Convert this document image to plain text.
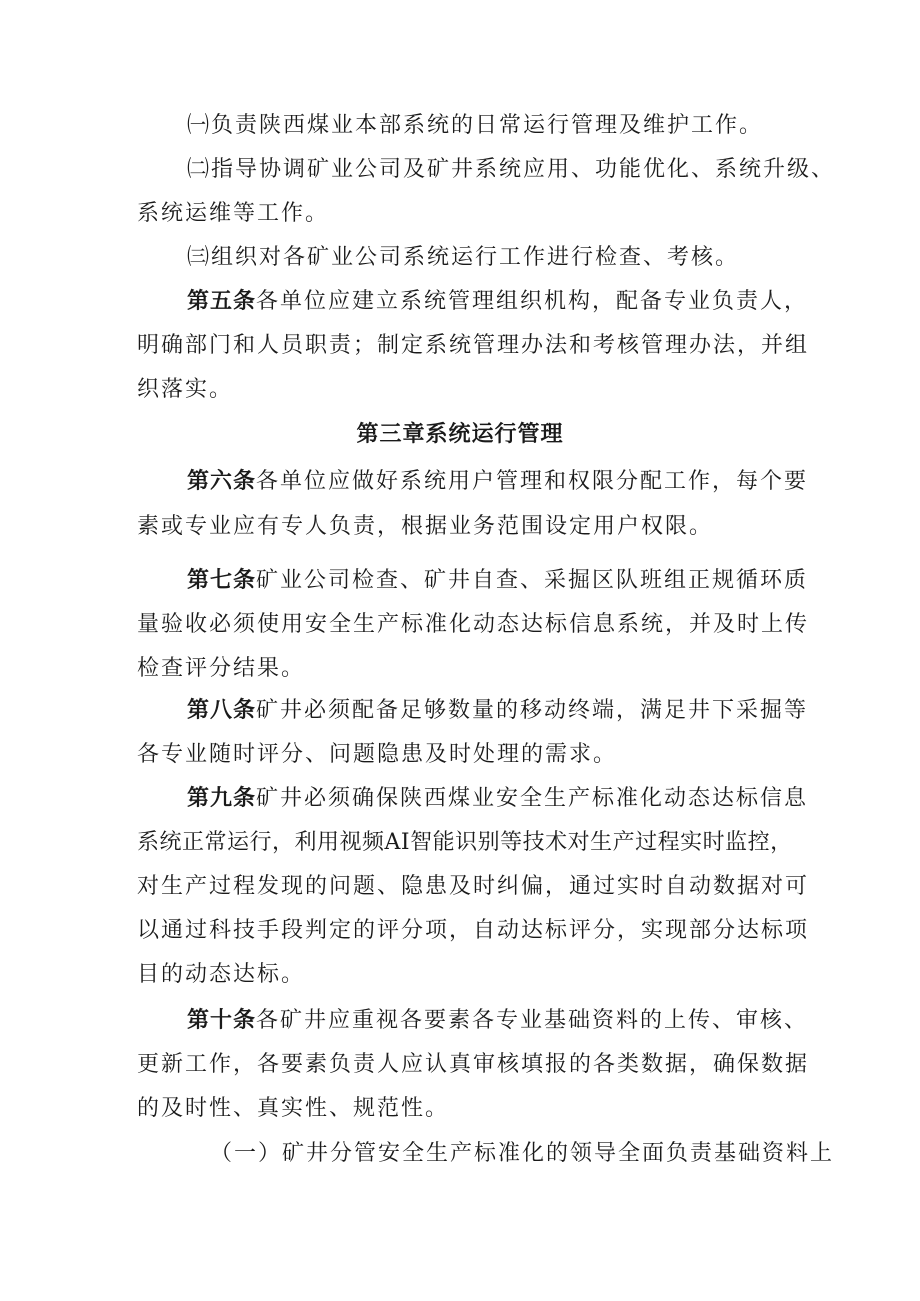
㈠负责陕西煤业本部系统的日常运行管理及维护工作。
㈡指导协调矿业公司及矿井系统应用、功能优化、系统升级、
系统运维等工作。
㈢组织对各矿业公司系统运行工作进行检查、考核。
第五条各单位应建立系统管理组织机构，配备专业负责人，
明确部门和人员职责；制定系统管理办法和考核管理办法，并组
织落实。
第三章系统运行管理
第六条各单位应做好系统用户管理和权限分配工作，每个要
素或专业应有专人负责，根据业务范围设定用户权限。
第七条矿业公司检查、矿井自查、采掘区队班组正规循环质
量验收必须使用安全生产标准化动态达标信息系统，并及时上传
检查评分结果。
第八条矿井必须配备足够数量的移动终端，满足井下采掘等
各专业随时评分、问题隐患及时处理的需求。
第九条矿井必须确保陕西煤业安全生产标准化动态达标信息
系统正常运行，利用视频AI智能识别等技术对生产过程实时监控，
对生产过程发现的问题、隐患及时纠偏，通过实时自动数据对可
以通过科技手段判定的评分项，自动达标评分，实现部分达标项
目的动态达标。
第十条各矿井应重视各要素各专业基础资料的上传、审核、
更新工作，各要素负责人应认真审核填报的各类数据，确保数据
的及时性、真实性、规范性。
（一）矿井分管安全生产标准化的领导全面负责基础资料上
